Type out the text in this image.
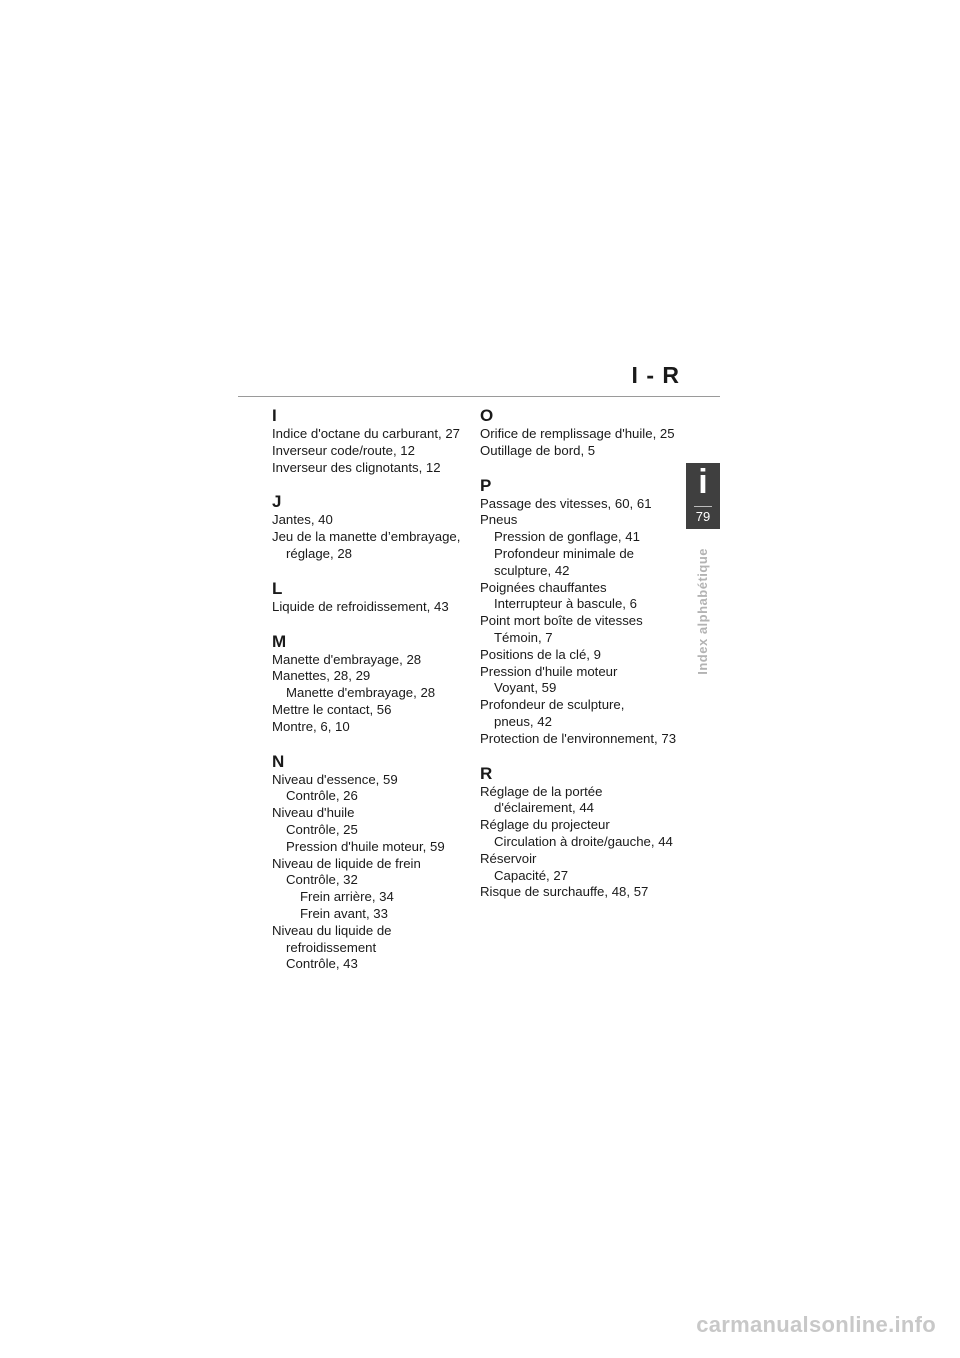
I - R
i
79
Index alphabétique
I
Indice d'octane du carburant, 27
Inverseur code/route, 12
Inverseur des clignotants, 12
J
Jantes, 40
Jeu de la manette d’embrayage,
réglage, 28
L
Liquide de refroidissement, 43
M
Manette d'embrayage, 28
Manettes, 28, 29
Manette d'embrayage, 28
Mettre le contact, 56
Montre, 6, 10
N
Niveau d'essence, 59
Contrôle, 26
Niveau d'huile
Contrôle, 25
Pression d'huile moteur, 59
Niveau de liquide de frein
Contrôle, 32
Frein arrière, 34
Frein avant, 33
Niveau du liquide de
refroidissement
Contrôle, 43
O
Orifice de remplissage d'huile, 25
Outillage de bord, 5
P
Passage des vitesses, 60, 61
Pneus
Pression de gonflage, 41
Profondeur minimale de
sculpture, 42
Poignées chauffantes
Interrupteur à bascule, 6
Point mort boîte de vitesses
Témoin, 7
Positions de la clé, 9
Pression d'huile moteur
Voyant, 59
Profondeur de sculpture,
pneus, 42
Protection de l'environnement, 73
R
Réglage de la portée
d'éclairement, 44
Réglage du projecteur
Circulation à droite/gauche, 44
Réservoir
Capacité, 27
Risque de surchauffe, 48, 57
carmanualsonline.info
